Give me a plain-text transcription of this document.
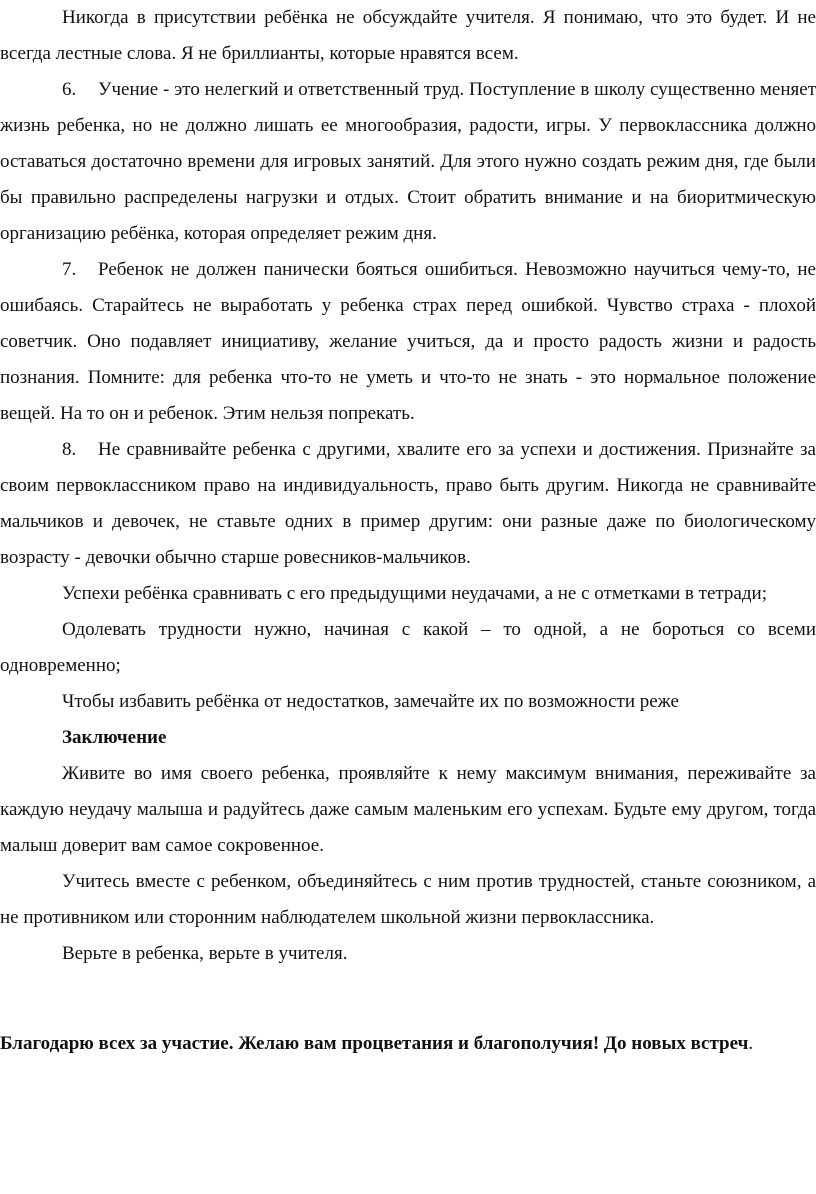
Никогда в присутствии ребёнка не обсуждайте учителя. Я понимаю, что это будет. И не всегда лестные слова. Я не бриллианты, которые нравятся всем.

6. Учение - это нелегкий и ответственный труд. Поступление в школу существенно меняет жизнь ребенка, но не должно лишать ее многообразия, радости, игры. У первоклассника должно оставаться достаточно времени для игровых занятий. Для этого нужно создать режим дня, где были бы правильно распределены нагрузки и отдых. Стоит обратить внимание и на биоритмическую организацию ребёнка, которая определяет режим дня.

7. Ребенок не должен панически бояться ошибиться. Невозможно научиться чему-то, не ошибаясь. Старайтесь не выработать у ребенка страх перед ошибкой. Чувство страха - плохой советчик. Оно подавляет инициативу, желание учиться, да и просто радость жизни и радость познания. Помните: для ребенка что-то не уметь и что-то не знать - это нормальное положение вещей. На то он и ребенок. Этим нельзя попрекать.

8. Не сравнивайте ребенка с другими, хвалите его за успехи и достижения. Признайте за своим первоклассником право на индивидуальность, право быть другим. Никогда не сравнивайте мальчиков и девочек, не ставьте одних в пример другим: они разные даже по биологическому возрасту - девочки обычно старше ровесников-мальчиков.

Успехи ребёнка сравнивать с его предыдущими неудачами, а не с отметками в тетради;

Одолевать трудности нужно, начиная с какой – то одной, а не бороться со всеми одновременно;

Чтобы избавить ребёнка от недостатков, замечайте их по возможности реже

Заключение

Живите во имя своего ребенка, проявляйте к нему максимум внимания, переживайте за каждую неудачу малыша и радуйтесь даже самым маленьким его успехам. Будьте ему другом, тогда малыш доверит вам самое сокровенное.

Учитесь вместе с ребенком, объединяйтесь с ним против трудностей, станьте союзником, а не противником или сторонним наблюдателем школьной жизни первоклассника.

Верьте в ребенка, верьте в учителя.

Благодарю всех за участие. Желаю вам процветания и благополучия! До новых встреч.
